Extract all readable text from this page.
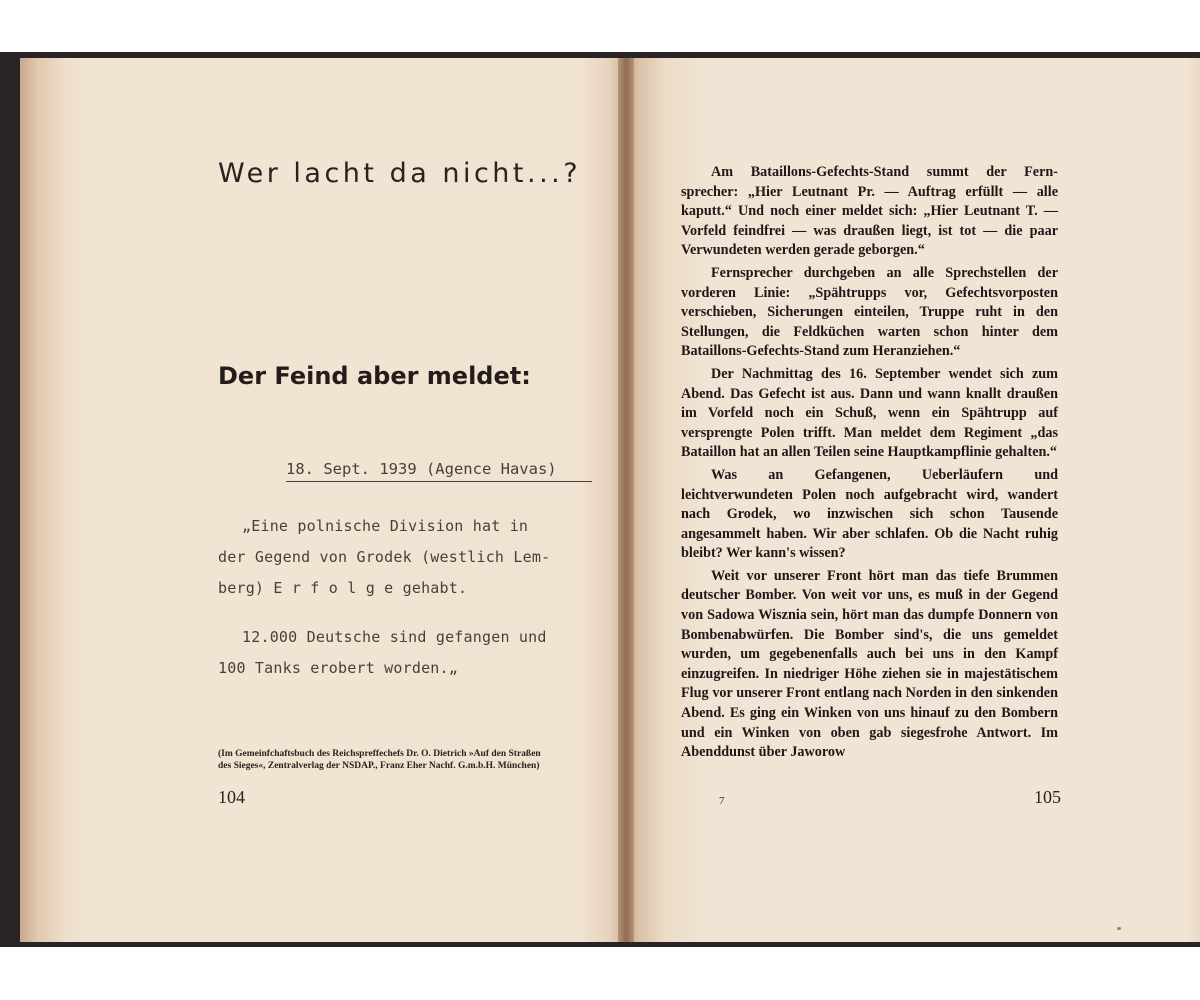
Wer lacht da nicht...?
Der Feind aber meldet:
18. Sept. 1939 (Agence Havas)
„Eine polnische Division hat in
der Gegend von Grodek (westlich Lem-
berg) E r f o l g e gehabt.
12.000 Deutsche sind gefangen und
100 Tanks erobert worden.„
(Im Gemeinfchaftsbuch des Reichspreffechefs Dr. O. Dietrich »Auf den Straßen
des Sieges«, Zentralverlag der NSDAP., Franz Eher Nachf. G.m.b.H. München)
104

Am Bataillons-Gefechts-Stand summt der Fern-sprecher: „Hier Leutnant Pr. — Auftrag erfüllt — alle kaputt.“ Und noch einer meldet sich: „Hier Leutnant T. — Vorfeld feindfrei — was draußen liegt, ist tot — die paar Verwundeten werden gerade geborgen.“

Fernsprecher durchgeben an alle Sprechstellen der vorderen Linie: „Spähtrupps vor, Gefechtsvorposten verschieben, Sicherungen einteilen, Truppe ruht in den Stellungen, die Feldküchen warten schon hinter dem Bataillons-Gefechts-Stand zum Heranziehen.“

Der Nachmittag des 16. September wendet sich zum Abend. Das Gefecht ist aus. Dann und wann knallt draußen im Vorfeld noch ein Schuß, wenn ein Spähtrupp auf versprengte Polen trifft. Man meldet dem Regiment „das Bataillon hat an allen Teilen seine Hauptkampflinie gehalten.“

Was an Gefangenen, Ueberläufern und leichtverwundeten Polen noch aufgebracht wird, wandert nach Grodek, wo inzwischen sich schon Tausende angesammelt haben. Wir aber schlafen. Ob die Nacht ruhig bleibt? Wer kann's wissen?

Weit vor unserer Front hört man das tiefe Brummen deutscher Bomber. Von weit vor uns, es muß in der Gegend von Sadowa Wisznia sein, hört man das dumpfe Donnern von Bombenabwürfen. Die Bomber sind's, die uns gemeldet wurden, um gegebenenfalls auch bei uns in den Kampf einzugreifen. In niedriger Höhe ziehen sie in majestätischem Flug vor unserer Front entlang nach Norden in den sinkenden Abend. Es ging ein Winken von uns hinauf zu den Bombern und ein Winken von oben gab siegesfrohe Antwort. Im Abenddunst über Jaworow

7	105
